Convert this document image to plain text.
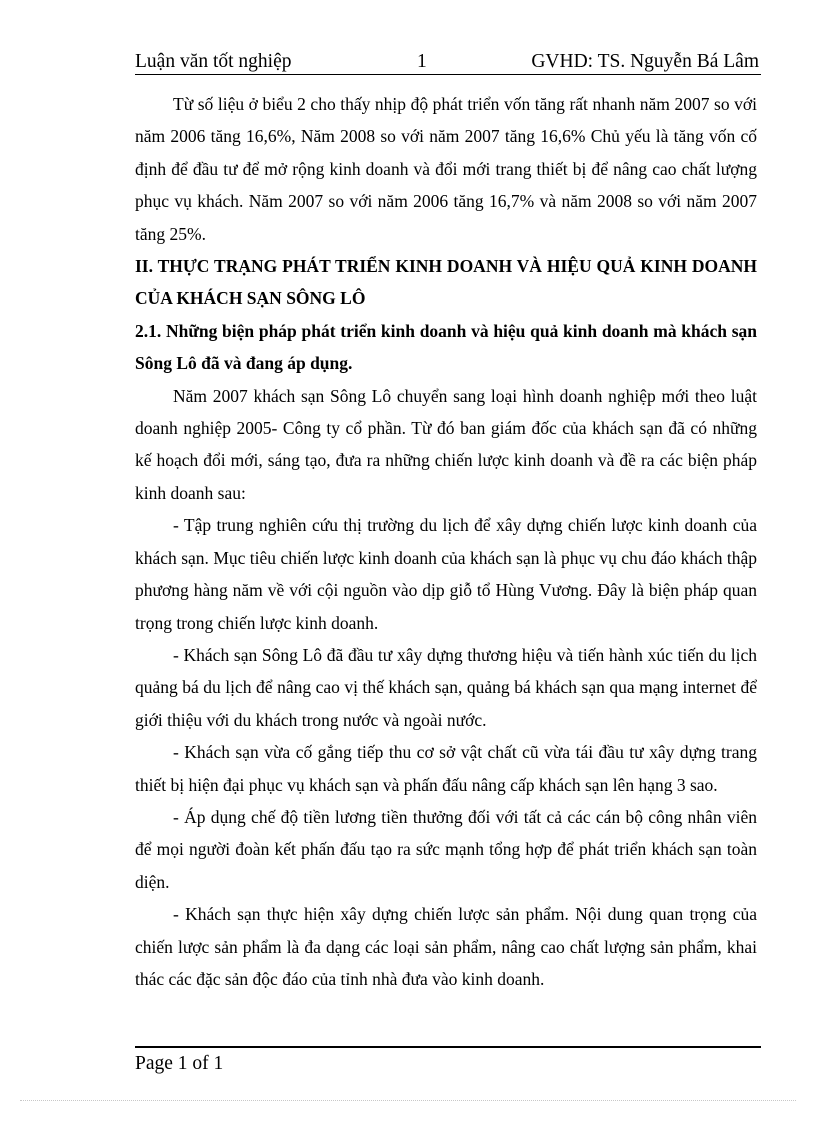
Luận văn tốt nghiệp	1	GVHD: TS. Nguyễn Bá Lâm

Từ số liệu ở biểu 2 cho thấy nhịp độ phát triển vốn tăng rất nhanh năm 2007 so với năm 2006 tăng 16,6%, Năm 2008 so với năm 2007 tăng 16,6% Chủ yếu là tăng vốn cố định để đầu tư để mở rộng kinh doanh và đổi mới trang thiết bị để nâng cao chất lượng phục vụ khách. Năm 2007 so với năm 2006 tăng 16,7% và năm 2008 so với năm 2007 tăng 25%.

II. THỰC TRẠNG PHÁT TRIỂN KINH DOANH VÀ HIỆU QUẢ KINH DOANH CỦA KHÁCH SẠN SÔNG LÔ

2.1. Những biện pháp phát triển kinh doanh và hiệu quả kinh doanh mà khách sạn Sông Lô đã và đang áp dụng.

Năm 2007 khách sạn Sông Lô chuyển sang loại hình doanh nghiệp mới theo luật doanh nghiệp 2005- Công ty cổ phần. Từ đó ban giám đốc của khách sạn đã có những kế hoạch đổi mới, sáng tạo, đưa ra những chiến lược kinh doanh và đề ra các biện pháp kinh doanh sau:

- Tập trung nghiên cứu thị trường du lịch để xây dựng chiến lược kinh doanh của khách sạn. Mục tiêu chiến lược kinh doanh của khách sạn là phục vụ chu đáo khách thập phương hàng năm về với cội nguồn vào dịp giỗ tổ Hùng Vương. Đây là biện pháp quan trọng trong chiến lược kinh doanh.

- Khách sạn Sông Lô đã đầu tư xây dựng thương hiệu và tiến hành xúc tiến du lịch quảng bá du lịch để nâng cao vị thế khách sạn, quảng bá khách sạn qua mạng internet để giới thiệu với du khách trong nước và ngoài nước.

- Khách sạn vừa cố gắng tiếp thu cơ sở vật chất cũ vừa tái đầu tư xây dựng trang thiết bị hiện đại phục vụ khách sạn và phấn đấu nâng cấp khách sạn lên hạng 3 sao.

- Áp dụng chế độ tiền lương tiền thưởng đối với tất cả các cán bộ công nhân viên để mọi người đoàn kết phấn đấu tạo ra sức mạnh tổng hợp để phát triển khách sạn toàn diện.

- Khách sạn thực hiện xây dựng chiến lược sản phẩm. Nội dung quan trọng của chiến lược sản phẩm là đa dạng các loại sản phẩm, nâng cao chất lượng sản phẩm, khai thác các đặc sản độc đáo của tỉnh nhà đưa vào kinh doanh.

Page 1 of 1
